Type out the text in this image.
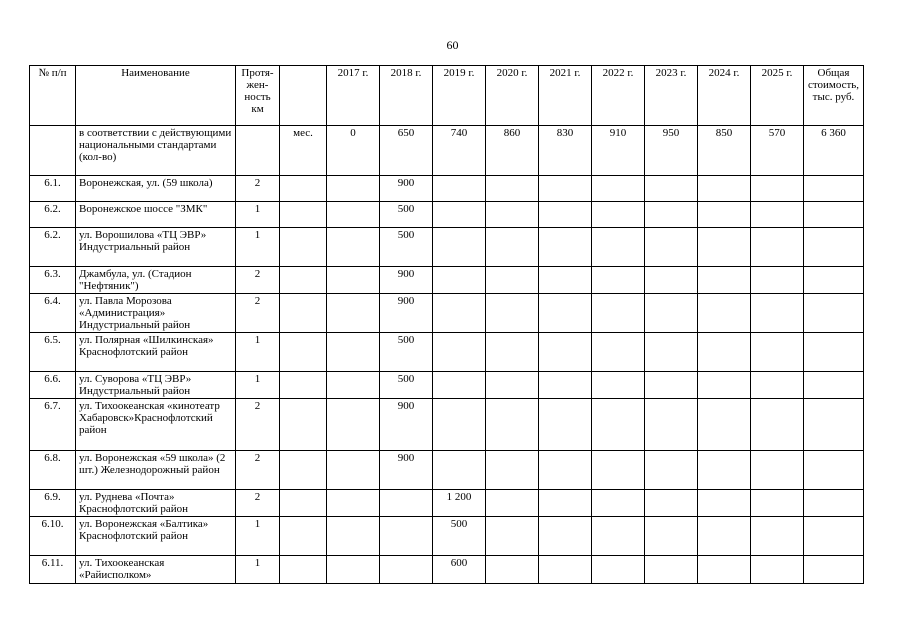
60
№ п/п	Наименование	Протя-жен-ность км		2017 г.	2018 г.	2019 г.	2020 г.	2021 г.	2022 г.	2023 г.	2024 г.	2025 г.	Общая стоимость, тыс. руб.
	в соответствии с действующими национальными стандартами (кол-во)		мес.	0	650	740	860	830	910	950	850	570	6 360
6.1.	Воронежская, ул. (59 школа)	2			900								
6.2.	Воронежское шоссе "ЗМК"	1			500								
6.2.	ул. Ворошилова «ТЦ ЭВР» Индустриальный район	1			500								
6.3.	Джамбула, ул. (Стадион "Нефтяник")	2			900								
6.4.	ул. Павла Морозова «Администрация» Индустриальный район	2			900								
6.5.	ул. Полярная «Шилкинская» Краснофлотский район	1			500								
6.6.	ул. Суворова «ТЦ ЭВР» Индустриальный район	1			500								
6.7.	ул. Тихоокеанская «кинотеатр Хабаровск»Краснофлотский район	2			900								
6.8.	ул. Воронежская «59 школа» (2 шт.) Железнодорожный район	2			900								
6.9.	ул. Руднева «Почта» Краснофлотский район	2				1 200							
6.10.	ул. Воронежская «Балтика» Краснофлотский район	1				500							
6.11.	ул. Тихоокеанская «Райисполком»	1				600							
